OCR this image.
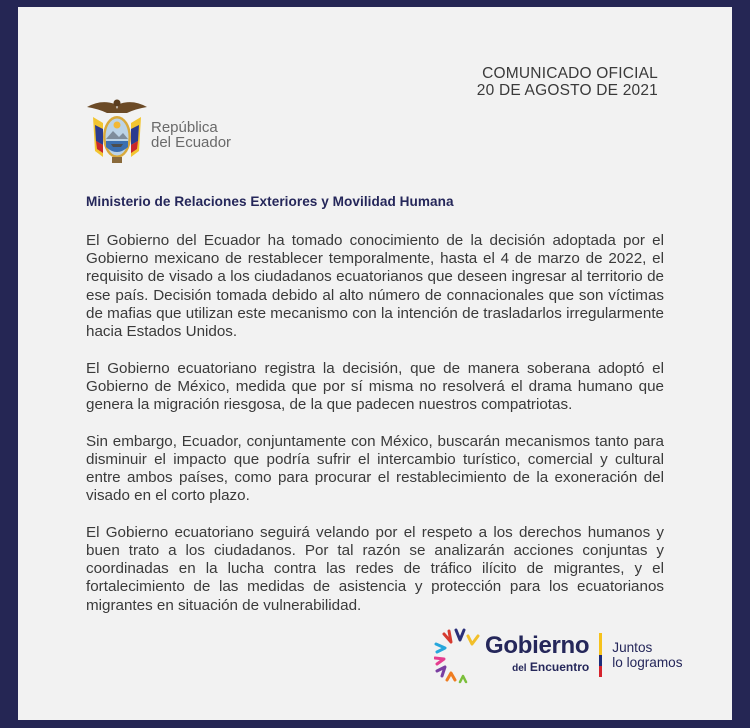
COMUNICADO OFICIAL
20 DE AGOSTO DE 2021
República
del Ecuador
Ministerio de Relaciones Exteriores y Movilidad Humana

El Gobierno del Ecuador ha tomado conocimiento de la decisión adoptada por el Gobierno mexicano de restablecer temporalmente, hasta el 4 de marzo de 2022, el requisito de visado a los ciudadanos ecuatorianos que deseen ingresar al territorio de ese país. Decisión tomada debido al alto número de connacionales que son víctimas de mafias que utilizan este mecanismo con la intención de trasladarlos irregularmente hacia Estados Unidos.

El Gobierno ecuatoriano registra la decisión, que de manera soberana adoptó el Gobierno de México, medida que por sí misma no resolverá el drama humano que genera la migración riesgosa, de la que padecen nuestros compatriotas.

Sin embargo, Ecuador, conjuntamente con México, buscarán mecanismos tanto para disminuir el impacto que podría sufrir el intercambio turístico, comercial y cultural entre ambos países, como para procurar el restablecimiento de la exoneración del visado en el corto plazo.

El Gobierno ecuatoriano seguirá velando por el respeto a los derechos humanos y buen trato a los ciudadanos. Por tal razón se analizarán acciones conjuntas y coordinadas en la lucha contra las redes de tráfico ilícito de migrantes, y el fortalecimiento de las medidas de asistencia y protección para los ecuatorianos migrantes en situación de vulnerabilidad.

Gobierno
del Encuentro
Juntos
lo logramos
